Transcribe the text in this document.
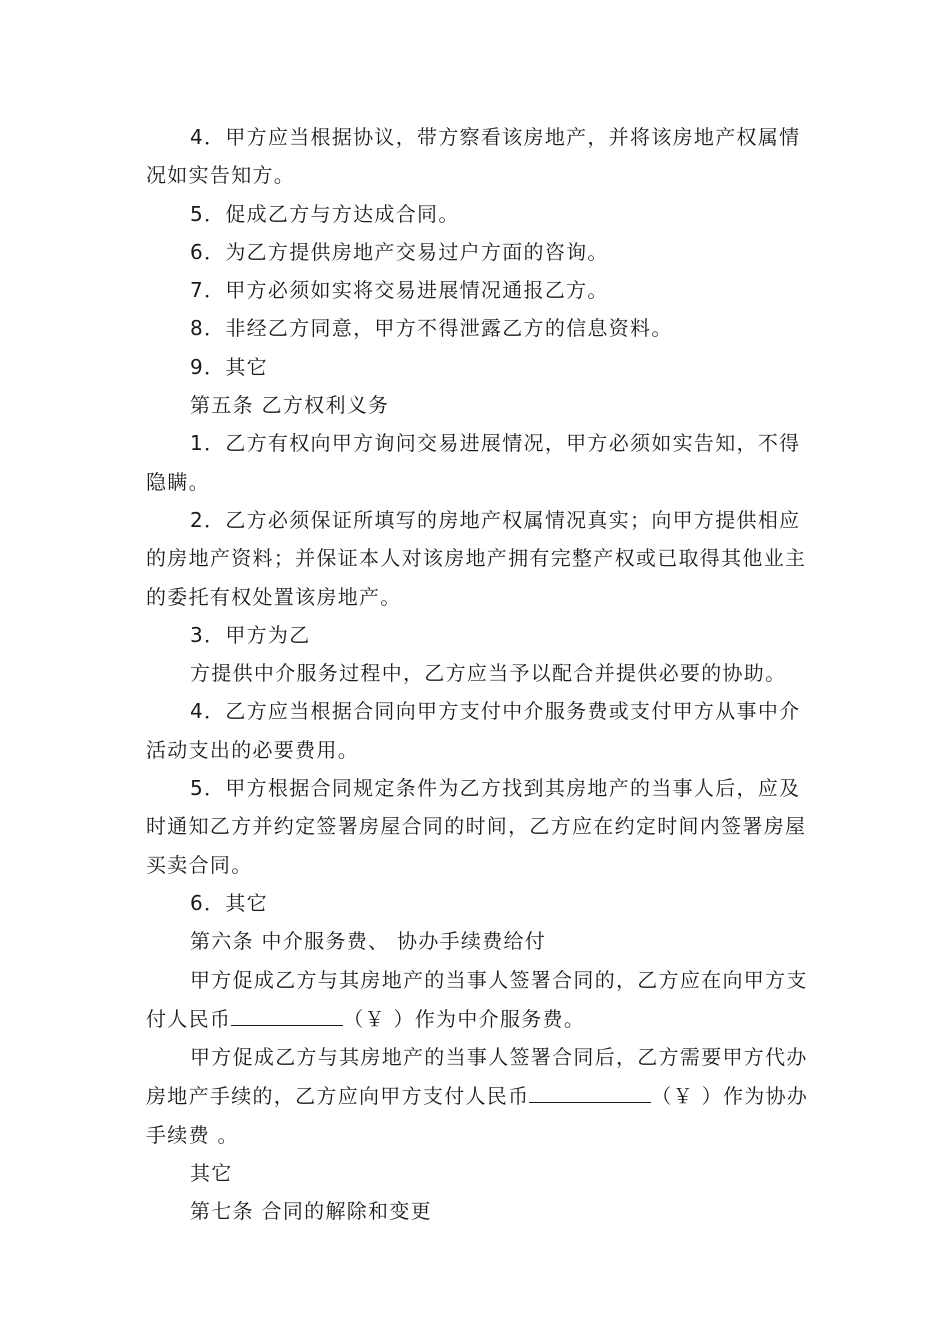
4．甲方应当根据协议，带方察看该房地产，并将该房地产权属情况如实告知方。

5．促成乙方与方达成合同。

6．为乙方提供房地产交易过户方面的咨询。

7．甲方必须如实将交易进展情况通报乙方。

8．非经乙方同意，甲方不得泄露乙方的信息资料。

9．其它

第五条 乙方权利义务

1．乙方有权向甲方询问交易进展情况，甲方必须如实告知，不得隐瞒。

2．乙方必须保证所填写的房地产权属情况真实；向甲方提供相应的房地产资料；并保证本人对该房地产拥有完整产权或已取得其他业主的委托有权处置该房地产。

3．甲方为乙

方提供中介服务过程中，乙方应当予以配合并提供必要的协助。

4．乙方应当根据合同向甲方支付中介服务费或支付甲方从事中介活动支出的必要费用。

5．甲方根据合同规定条件为乙方找到其房地产的当事人后，应及时通知乙方并约定签署房屋合同的时间，乙方应在约定时间内签署房屋买卖合同。

6．其它

第六条 中介服务费、 协办手续费给付

甲方促成乙方与其房地产的当事人签署合同的，乙方应在向甲方支付人民币	（￥ ）作为中介服务费。

甲方促成乙方与其房地产的当事人签署合同后，乙方需要甲方代办房地产手续的，乙方应向甲方支付人民币	（￥ ）作为协办手续费 。

其它

第七条 合同的解除和变更
